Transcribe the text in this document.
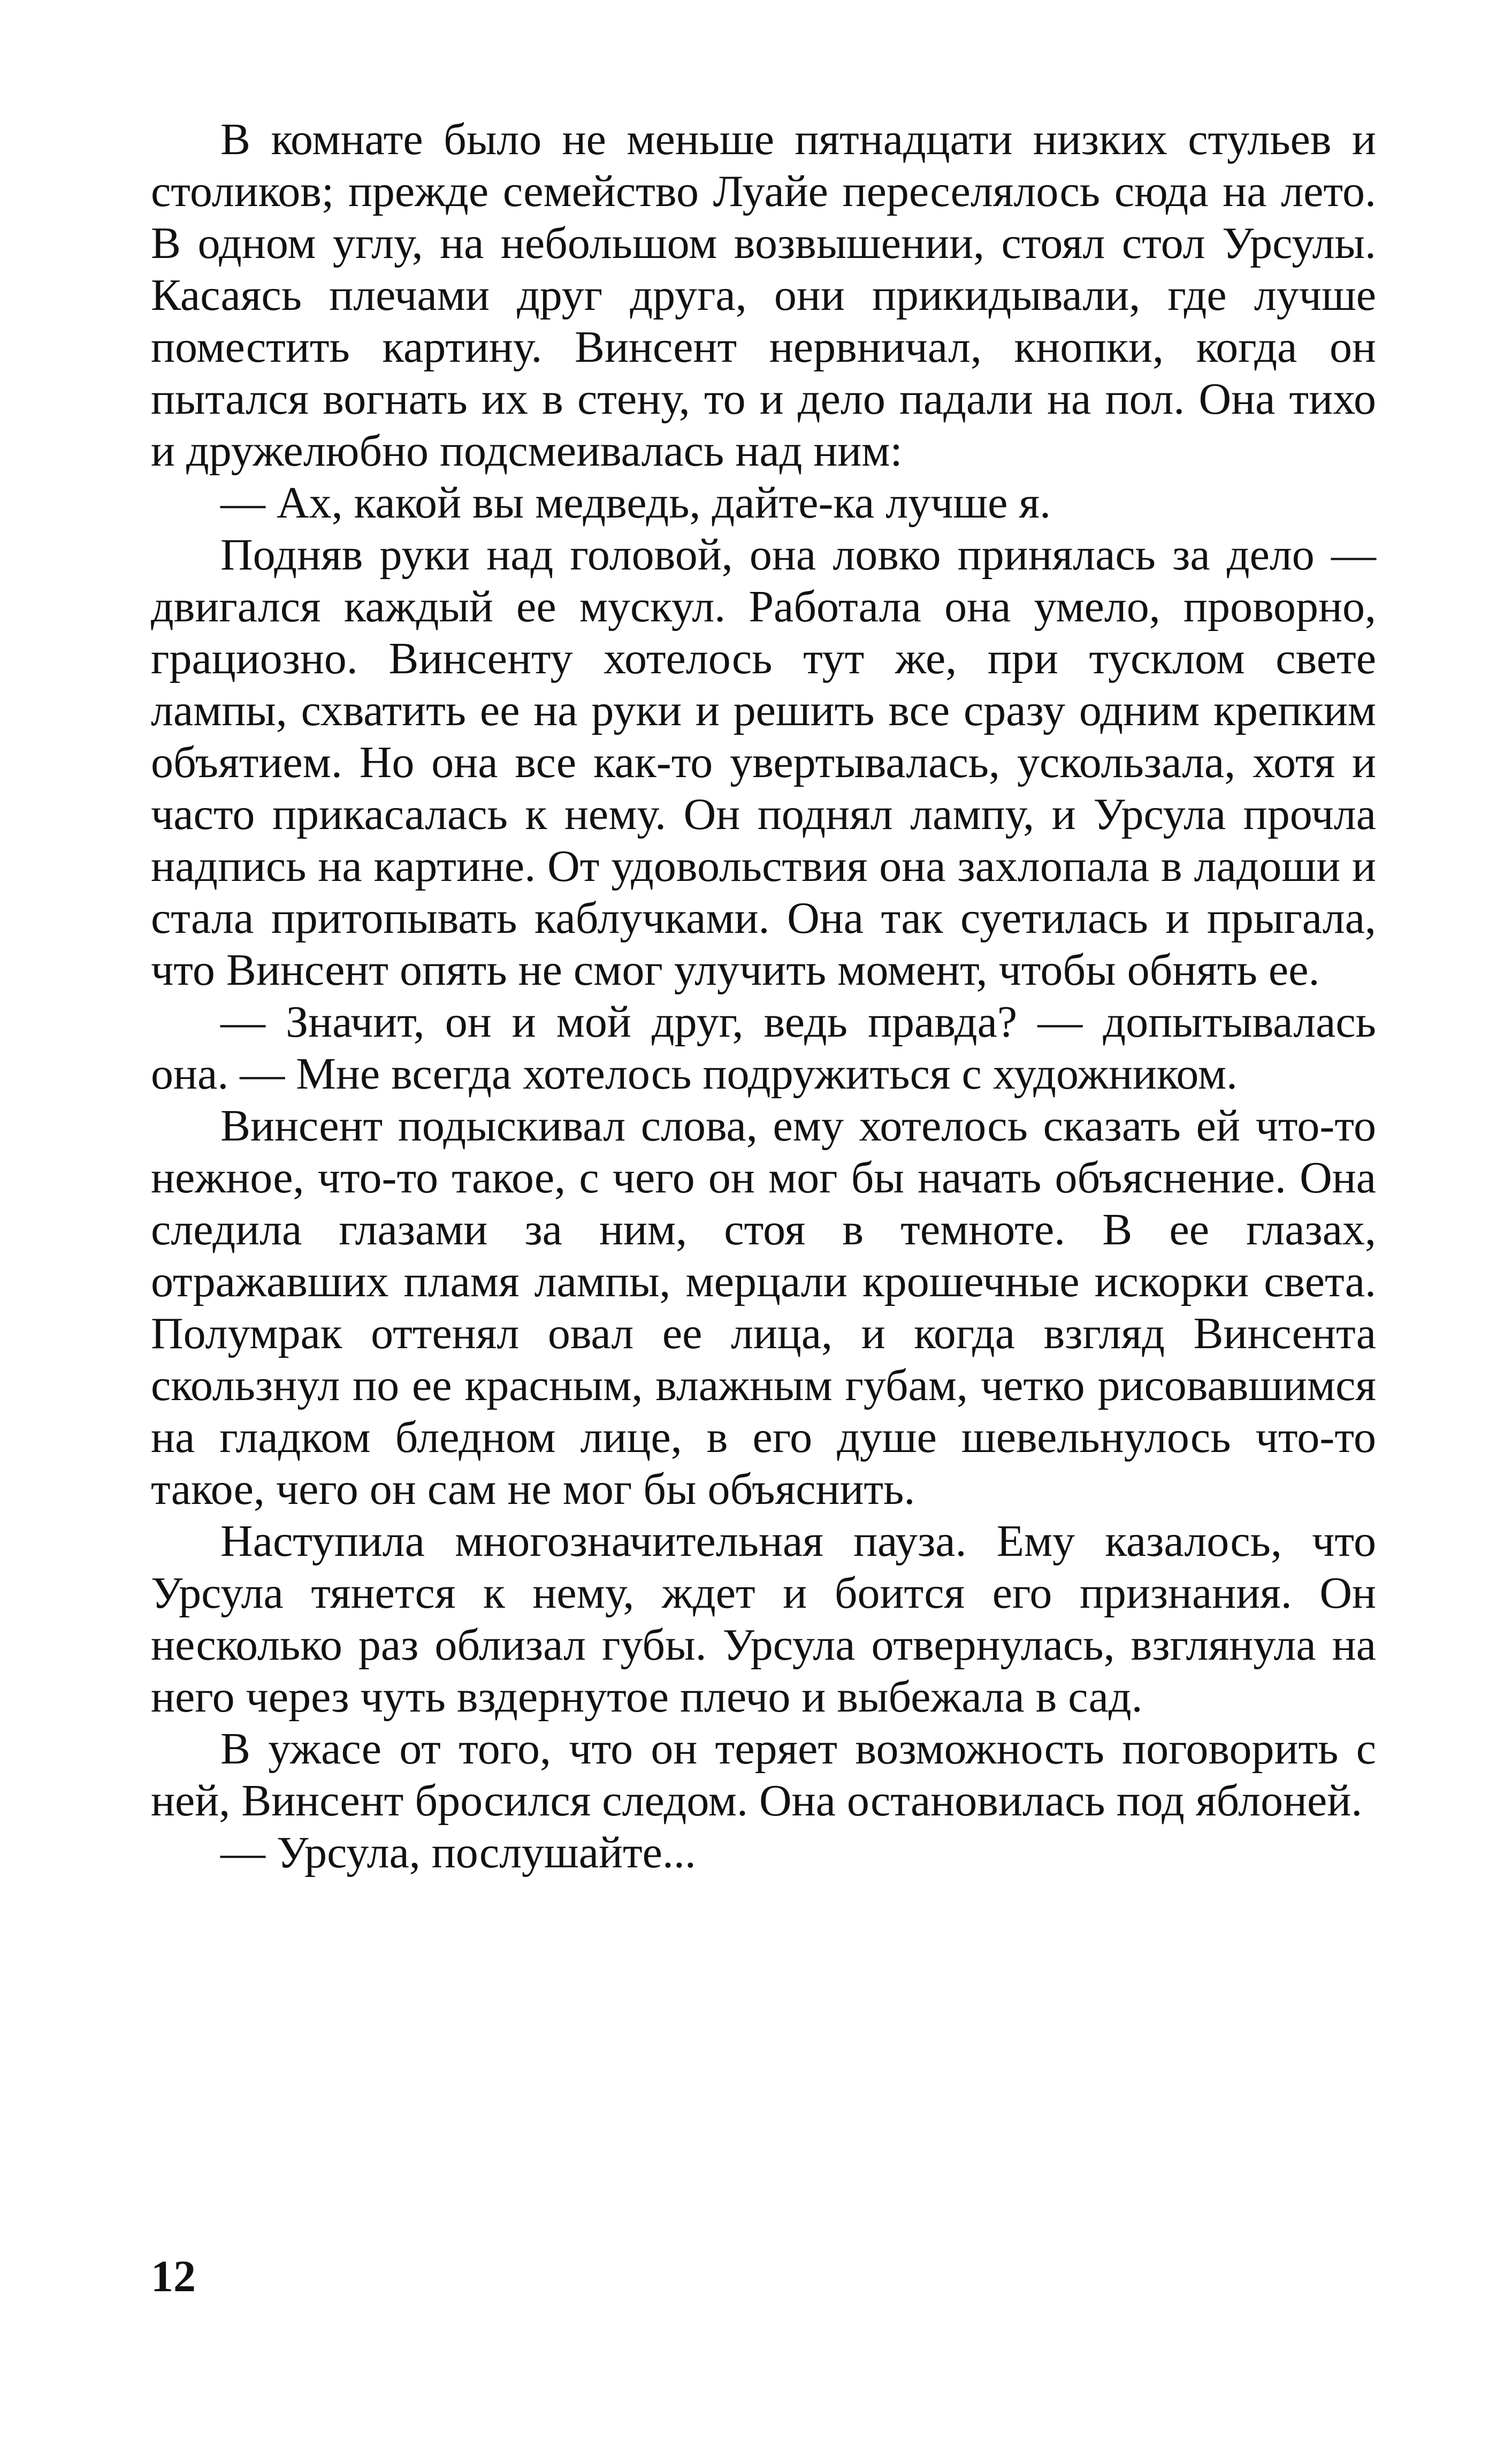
В комнате было не меньше пятнадцати низких стульев и столиков; прежде семейство Луайе переселялось сюда на лето. В одном углу, на небольшом возвышении, стоял стол Урсулы. Касаясь плечами друг друга, они прикидывали, где лучше поместить картину. Винсент нервничал, кнопки, когда он пытался вогнать их в стену, то и дело падали на пол. Она тихо и дружелюбно подсмеивалась над ним:

— Ах, какой вы медведь, дайте-ка лучше я.

Подняв руки над головой, она ловко принялась за дело — двигался каждый ее мускул. Работала она умело, проворно, грациозно. Винсенту хотелось тут же, при тусклом свете лампы, схватить ее на руки и решить все сразу одним крепким объятием. Но она все как-то увертывалась, ускользала, хотя и часто прикасалась к нему. Он поднял лампу, и Урсула прочла надпись на картине. От удовольствия она захлопала в ладоши и стала притопывать каблучками. Она так суетилась и прыгала, что Винсент опять не смог улучить момент, чтобы обнять ее.

— Значит, он и мой друг, ведь правда? — допытывалась она. — Мне всегда хотелось подружиться с художником.

Винсент подыскивал слова, ему хотелось сказать ей что-то нежное, что-то такое, с чего он мог бы начать объяснение. Она следила глазами за ним, стоя в темноте. В ее глазах, отражавших пламя лампы, мерцали крошечные искорки света. Полумрак оттенял овал ее лица, и когда взгляд Винсента скользнул по ее красным, влажным губам, четко рисовавшимся на гладком бледном лице, в его душе шевельнулось что-то такое, чего он сам не мог бы объяснить.

Наступила многозначительная пауза. Ему казалось, что Урсула тянется к нему, ждет и боится его признания. Он несколько раз облизал губы. Урсула отвернулась, взглянула на него через чуть вздернутое плечо и выбежала в сад.

В ужасе от того, что он теряет возможность поговорить с ней, Винсент бросился следом. Она остановилась под яблоней.

— Урсула, послушайте...

12
